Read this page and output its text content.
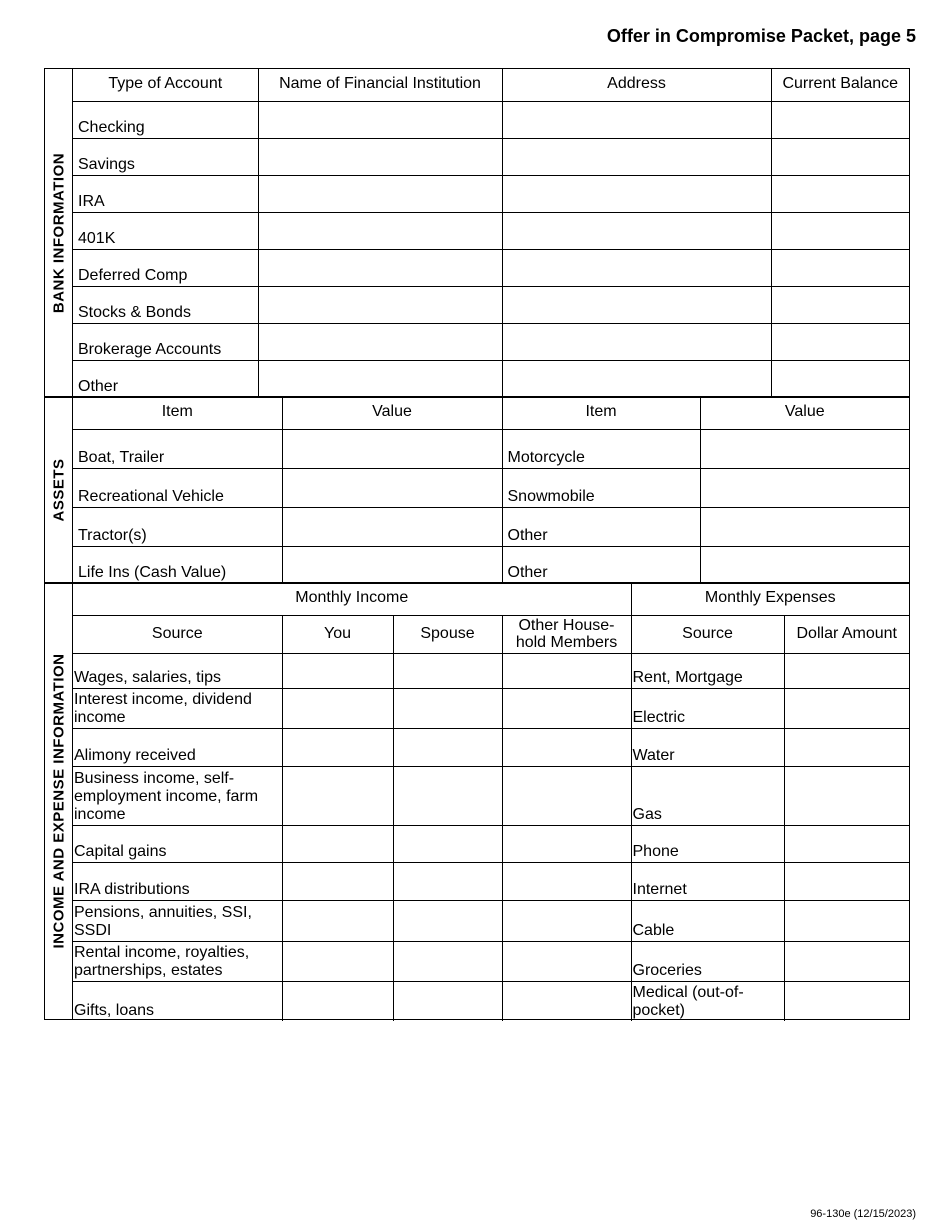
Offer in Compromise Packet, page 5
BANK INFORMATION
Type of Account	Name of Financial Institution	Address	Current Balance
Checking			
Savings			
IRA			
401K			
Deferred Comp			
Stocks & Bonds			
Brokerage Accounts			
Other			
ASSETS
Item	Value	Item	Value
Boat, Trailer		Motorcycle	
Recreational Vehicle		Snowmobile	
Tractor(s)		Other	
Life Ins (Cash Value)		Other	
INCOME AND EXPENSE INFORMATION
Monthly Income				Monthly Expenses	
Source	You	Spouse	Other House-hold Members	Source	Dollar Amount
Wages, salaries, tips				Rent, Mortgage	
Interest income, dividend income				Electric	
Alimony received				Water	
Business income, self-employment income, farm income				Gas	
Capital gains				Phone	
IRA distributions				Internet	
Pensions, annuities, SSI, SSDI				Cable	
Rental income, royalties, partnerships, estates				Groceries	
Gifts, loans				Medical (out-of-pocket)	
96-130e (12/15/2023)
